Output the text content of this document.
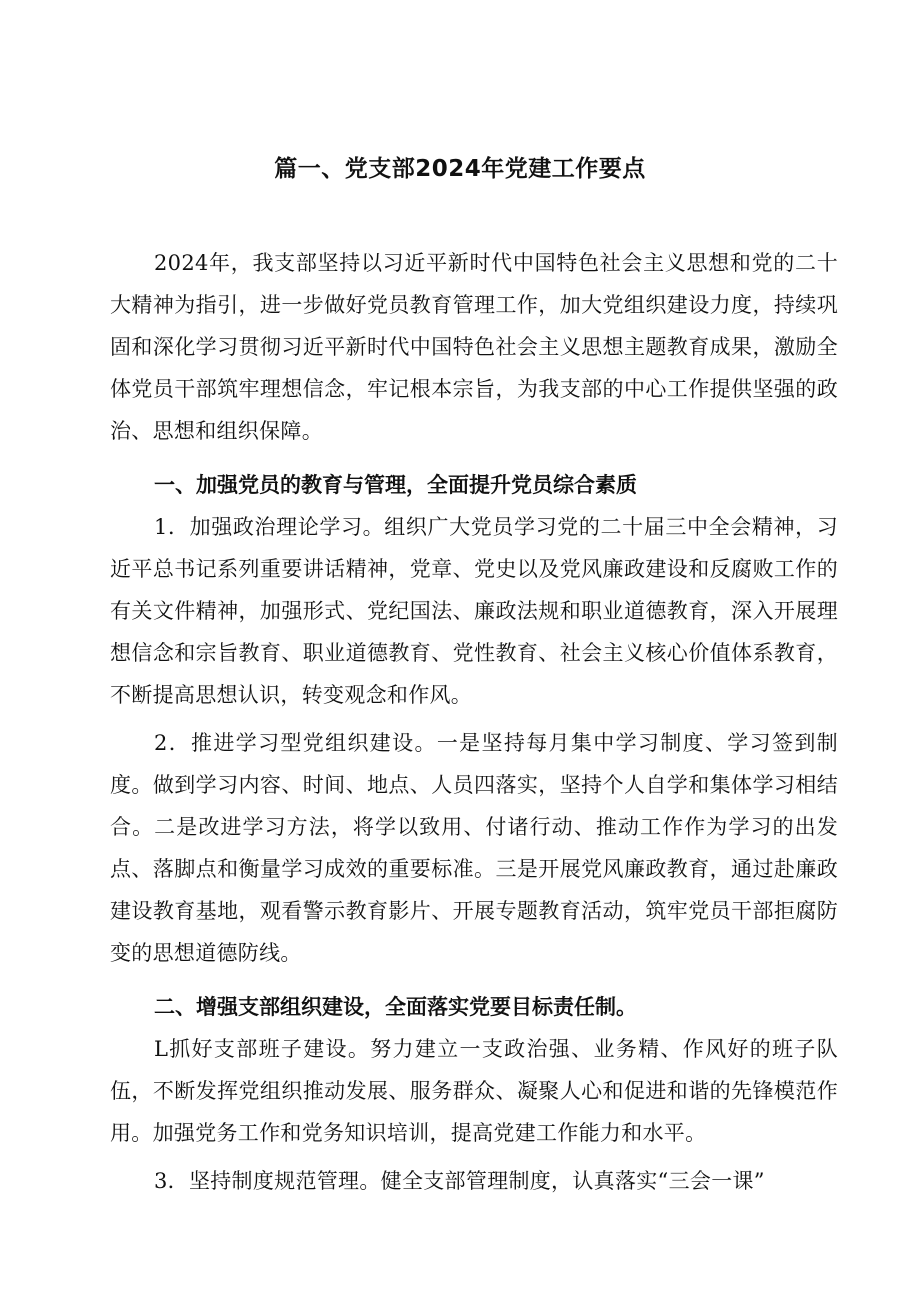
篇一、党支部2024年党建工作要点

2024年，我支部坚持以习近平新时代中国特色社会主义思想和党的二十大精神为指引，进一步做好党员教育管理工作，加大党组织建设力度，持续巩固和深化学习贯彻习近平新时代中国特色社会主义思想主题教育成果，激励全体党员干部筑牢理想信念，牢记根本宗旨，为我支部的中心工作提供坚强的政治、思想和组织保障。

一、加强党员的教育与管理，全面提升党员综合素质

1．加强政治理论学习。组织广大党员学习党的二十届三中全会精神，习近平总书记系列重要讲话精神，党章、党史以及党风廉政建设和反腐败工作的有关文件精神，加强形式、党纪国法、廉政法规和职业道德教育，深入开展理想信念和宗旨教育、职业道德教育、党性教育、社会主义核心价值体系教育，不断提高思想认识，转变观念和作风。

2．推进学习型党组织建设。一是坚持每月集中学习制度、学习签到制度。做到学习内容、时间、地点、人员四落实，坚持个人自学和集体学习相结合。二是改进学习方法，将学以致用、付诸行动、推动工作作为学习的出发点、落脚点和衡量学习成效的重要标准。三是开展党风廉政教育，通过赴廉政建设教育基地，观看警示教育影片、开展专题教育活动，筑牢党员干部拒腐防变的思想道德防线。

二、增强支部组织建设，全面落实党要目标责任制。

L抓好支部班子建设。努力建立一支政治强、业务精、作风好的班子队伍，不断发挥党组织推动发展、服务群众、凝聚人心和促进和谐的先锋模范作用。加强党务工作和党务知识培训，提高党建工作能力和水平。

3．坚持制度规范管理。健全支部管理制度，认真落实“三会一课”
